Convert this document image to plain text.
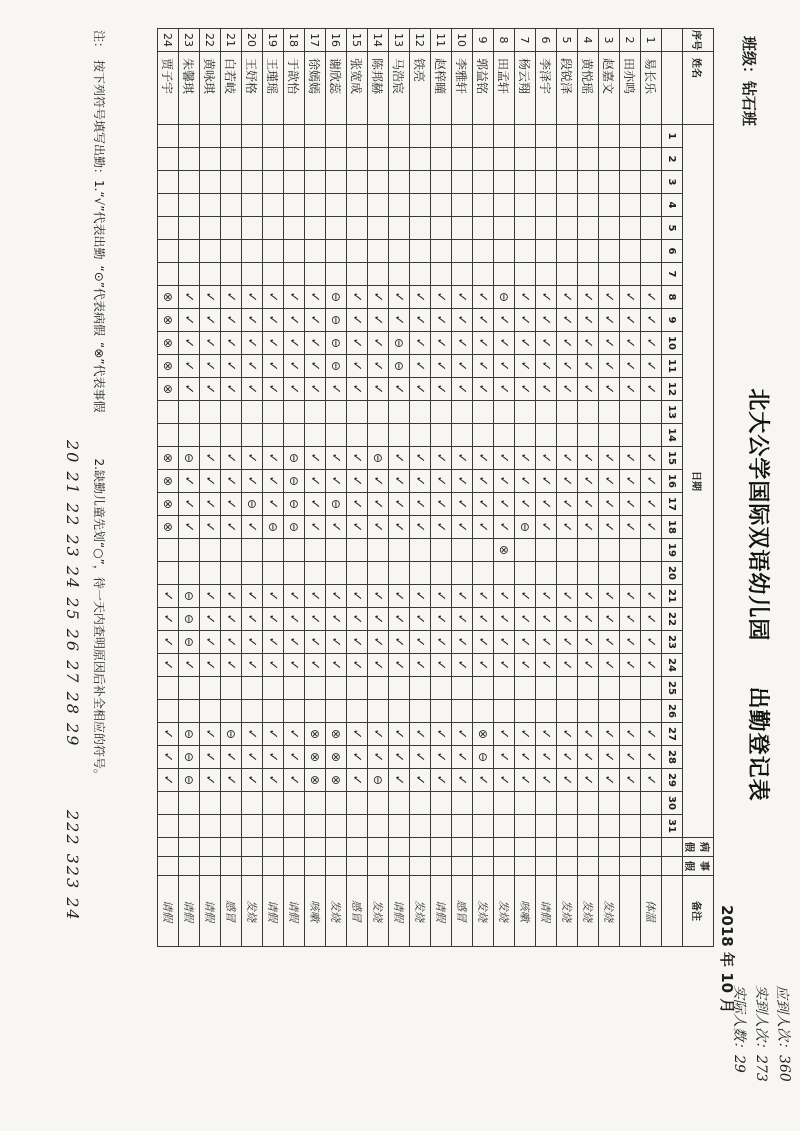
北大公学国际双语幼儿园  出勤登记表
班级：钻石班
2018 年 10 月
序号	姓名	日期																															病假	事假	备注
		1	2	3	4	5	6	7	8	9	10	11	12	13	14	15	16	17	18	19	20	21	22	23	24	25	26	27	28	29	30	31			
1	易长乐								✓	✓	✓	✓	✓			✓	✓	✓	✓			✓	✓	✓	✓			✓	✓	✓					体温
2	田亦鸣								✓	✓	✓	✓	✓			✓	✓	✓	✓			✓	✓	✓	✓			✓	✓	✓					
3	赵嘉文								✓	✓	✓	✓	✓			✓	✓	✓	✓			✓	✓	✓	✓			✓	✓	✓					发烧
4	黄悦瑶								✓	✓	✓	✓	✓			✓	✓	✓	✓			✓	✓	✓	✓			✓	✓	✓					发烧
5	段锐泽								✓	✓	✓	✓	✓			✓	✓	✓	✓			✓	✓	✓	✓			✓	✓	✓					发烧
6	李泽宇								✓	✓	✓	✓	✓			✓	✓	✓	✓			✓	✓	✓	✓			✓	✓	✓					请假
7	杨云翔								✓	✓	✓	✓	✓			✓	✓	✓	⊖			✓	✓	✓	✓			✓	✓	✓					咳嗽
8	田孟轩								⊖	✓	✓	✓	✓			✓	✓	✓	✓	⊗		✓	✓	✓	✓			✓	✓	✓					发烧
9	郭益铭								✓	✓	✓	✓	✓			✓	✓	✓	✓			✓	✓	✓	✓			⊗	⊖	✓					发烧
10	李雅轩								✓	✓	✓	✓	✓			✓	✓	✓	✓			✓	✓	✓	✓			✓	✓	✓					感冒
11	赵梓曈								✓	✓	✓	✓	✓			✓	✓	✓	✓			✓	✓	✓	✓			✓	✓	✓					请假
12	铁亮								✓	✓	✓	✓	✓			✓	✓	✓	✓			✓	✓	✓	✓			✓	✓	✓					发烧
13	马浩宸								✓	✓	⊖	⊖	✓			✓	✓	✓	✓			✓	✓	✓	✓			✓	✓	✓					请假
14	陈邦赫								✓	✓	✓	✓	✓			⊖	✓	✓	✓			✓	✓	✓	✓			✓	✓	⊖					发烧
15	张宽成								✓	✓	✓	✓	✓			✓	✓	✓	✓			✓	✓	✓	✓			✓	✓	✓					感冒
16	谢欣蕊								⊖	⊖	⊖	⊖	✓			✓	✓	⊖	✓			✓	✓	✓	✓			⊗	⊗	⊗					发烧
17	徐嫣嫣								✓	✓	✓	✓	✓			✓	✓	✓	✓			✓	✓	✓	✓			⊗	⊗	⊗					咳嗽
18	于歆怡								✓	✓	✓	✓	✓			⊖	⊖	⊖	⊖			✓	✓	✓	✓			✓	✓	✓					请假
19	王瑾瑶								✓	✓	✓	✓	✓			✓	✓	✓	⊖			✓	✓	✓	✓			✓	✓	✓					请假
20	王妤格								✓	✓	✓	✓	✓			✓	✓	⊖	✓			✓	✓	✓	✓			✓	✓	✓					发烧
21	白若岐								✓	✓	✓	✓	✓			✓	✓	✓	✓			✓	✓	✓	✓			⊖	✓	✓					感冒
22	黄咏琪								✓	✓	✓	✓	✓			✓	✓	✓	✓			✓	✓	✓	✓			✓	✓	✓					请假
23	朱馨琪								✓	✓	✓	✓	✓			⊖	✓	✓	✓			⊖	⊖	⊖	✓			⊖	⊖	⊖					请假
24	贾子宇								⊗	⊗	⊗	⊗	⊗			⊗	⊗	⊗	⊗			✓	✓	✓	✓			✓	✓	✓					请假
注：按下列符号填写出勤：1.“√”代表出勤“⊙”代表病假“⊗”代表事假2.缺勤儿童先划“○”，待一天内查明原因后补全相应的符号。
应到人次：360
实到人次：273
实际人数：29
20 21 22 23 24 25 26 27 28 29
222 323 24
